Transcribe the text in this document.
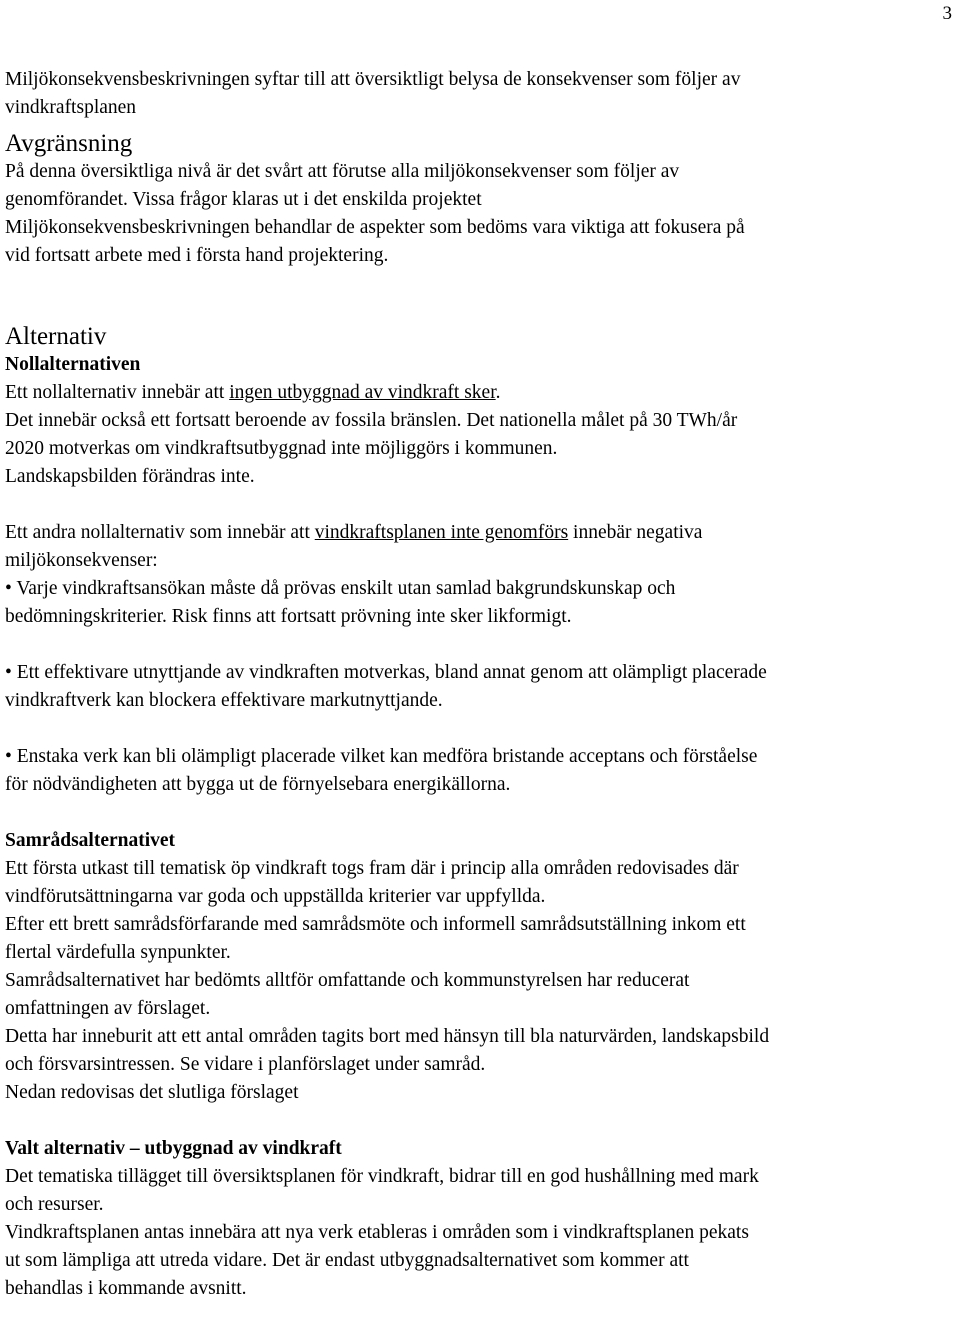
3
Miljökonsekvensbeskrivningen syftar till att översiktligt belysa de konsekvenser som följer av
vindkraftsplanen
Avgränsning
På denna översiktliga nivå är det svårt att förutse alla miljökonsekvenser som följer av
genomförandet. Vissa frågor klaras ut i det enskilda projektet
Miljökonsekvensbeskrivningen behandlar de aspekter som bedöms vara viktiga att fokusera på
vid fortsatt arbete med i första hand projektering.
Alternativ
Nollalternativen
Ett nollalternativ innebär att ingen utbyggnad av vindkraft sker.
Det innebär också ett fortsatt beroende av fossila bränslen. Det nationella målet på 30 TWh/år
2020 motverkas om vindkraftsutbyggnad inte möjliggörs i kommunen.
Landskapsbilden förändras inte.
Ett andra nollalternativ som innebär att vindkraftsplanen inte genomförs innebär negativa
miljökonsekvenser:
• Varje vindkraftsansökan måste då prövas enskilt utan samlad bakgrundskunskap och
bedömningskriterier. Risk finns att fortsatt prövning inte sker likformigt.
• Ett effektivare utnyttjande av vindkraften motverkas, bland annat genom att olämpligt placerade
vindkraftverk kan blockera effektivare markutnyttjande.
• Enstaka verk kan bli olämpligt placerade vilket kan medföra bristande acceptans och förståelse
för nödvändigheten att bygga ut de förnyelsebara energikällorna.
Samrådsalternativet
Ett första utkast till tematisk öp vindkraft togs fram där i princip alla områden redovisades där
vindförutsättningarna var goda och uppställda kriterier var uppfyllda.
Efter ett brett samrådsförfarande med samrådsmöte och informell samrådsutställning inkom ett
flertal värdefulla synpunkter.
Samrådsalternativet har bedömts alltför omfattande och kommunstyrelsen har reducerat
omfattningen av förslaget.
Detta har inneburit att ett antal områden tagits bort med hänsyn till bla naturvärden, landskapsbild
och försvarsintressen. Se vidare i planförslaget under samråd.
Nedan redovisas det slutliga förslaget
Valt alternativ – utbyggnad av vindkraft
Det tematiska tillägget till översiktsplanen för vindkraft, bidrar till en god hushållning med mark
och resurser.
Vindkraftsplanen antas innebära att nya verk etableras i områden som i vindkraftsplanen pekats
ut som lämpliga att utreda vidare. Det är endast utbyggnadsalternativet som kommer att
behandlas i kommande avsnitt.
